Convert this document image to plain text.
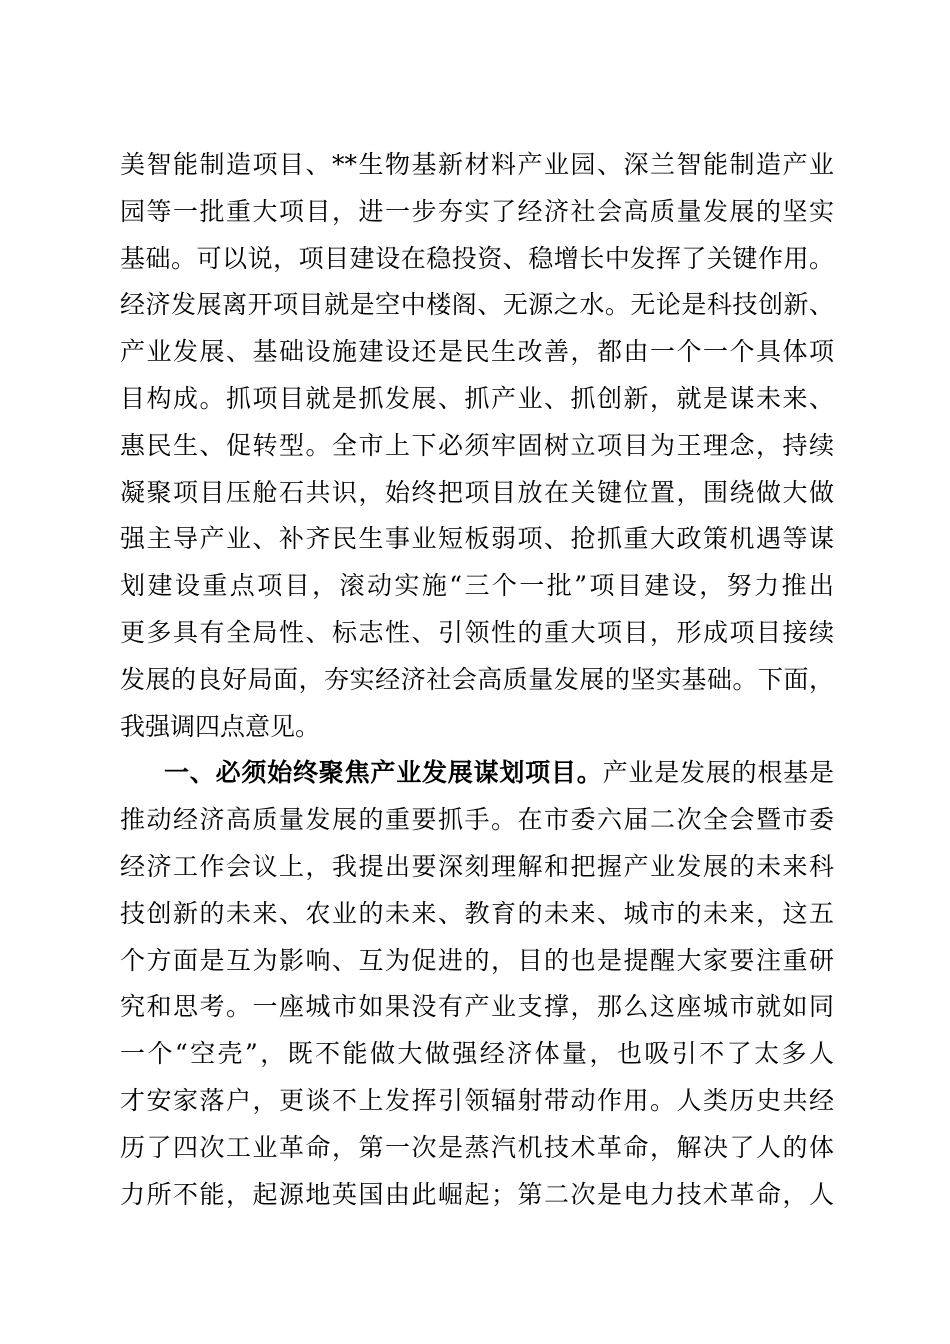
美智能制造项目、**生物基新材料产业园、深兰智能制造产业
园等一批重大项目，进一步夯实了经济社会高质量发展的坚实
基础。可以说，项目建设在稳投资、稳增长中发挥了关键作用。
经济发展离开项目就是空中楼阁、无源之水。无论是科技创新、
产业发展、基础设施建设还是民生改善，都由一个一个具体项
目构成。抓项目就是抓发展、抓产业、抓创新，就是谋未来、
惠民生、促转型。全市上下必须牢固树立项目为王理念，持续
凝聚项目压舱石共识，始终把项目放在关键位置，围绕做大做
强主导产业、补齐民生事业短板弱项、抢抓重大政策机遇等谋
划建设重点项目，滚动实施“三个一批”项目建设，努力推出
更多具有全局性、标志性、引领性的重大项目，形成项目接续
发展的良好局面，夯实经济社会高质量发展的坚实基础。下面，
我强调四点意见。
一、必须始终聚焦产业发展谋划项目。产业是发展的根基是
推动经济高质量发展的重要抓手。在市委六届二次全会暨市委
经济工作会议上，我提出要深刻理解和把握产业发展的未来科
技创新的未来、农业的未来、教育的未来、城市的未来，这五
个方面是互为影响、互为促进的，目的也是提醒大家要注重研
究和思考。一座城市如果没有产业支撑，那么这座城市就如同
一个“空壳”，既不能做大做强经济体量，也吸引不了太多人
才安家落户，更谈不上发挥引领辐射带动作用。人类历史共经
历了四次工业革命，第一次是蒸汽机技术革命，解决了人的体
力所不能，起源地英国由此崛起；第二次是电力技术革命，人
